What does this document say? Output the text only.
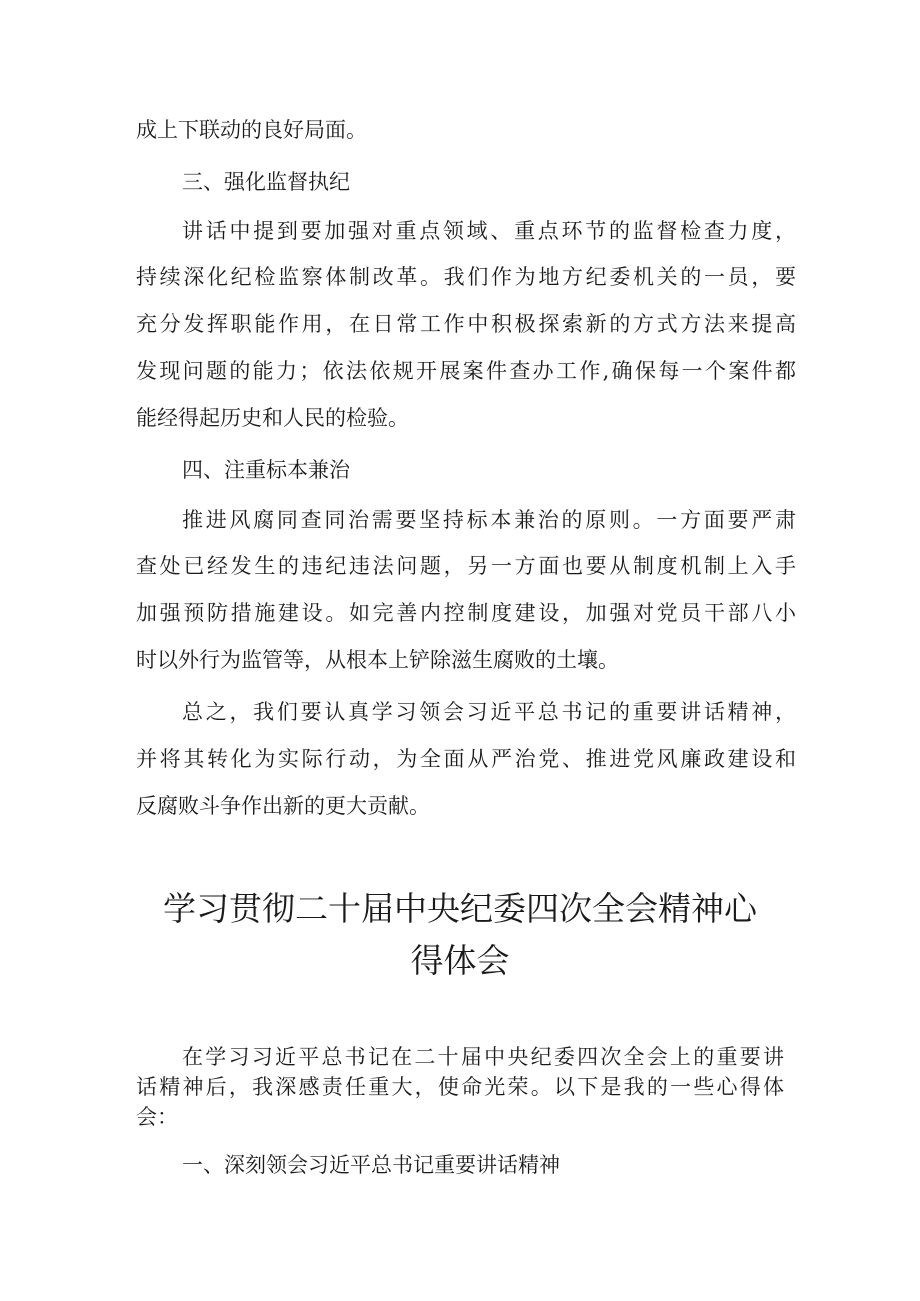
成上下联动的良好局面。
三、强化监督执纪
讲话中提到要加强对重点领域、重点环节的监督检查力度，
持续深化纪检监察体制改革。我们作为地方纪委机关的一员，要
充分发挥职能作用，在日常工作中积极探索新的方式方法来提高
发现问题的能力；依法依规开展案件查办工作,确保每一个案件都
能经得起历史和人民的检验。
四、注重标本兼治
推进风腐同查同治需要坚持标本兼治的原则。一方面要严肃
查处已经发生的违纪违法问题，另一方面也要从制度机制上入手
加强预防措施建设。如完善内控制度建设，加强对党员干部八小
时以外行为监管等，从根本上铲除滋生腐败的土壤。
总之，我们要认真学习领会习近平总书记的重要讲话精神，
并将其转化为实际行动，为全面从严治党、推进党风廉政建设和
反腐败斗争作出新的更大贡献。
学习贯彻二十届中央纪委四次全会精神心
得体会
在学习习近平总书记在二十届中央纪委四次全会上的重要讲
话精神后，我深感责任重大，使命光荣。以下是我的一些心得体
会：
一、深刻领会习近平总书记重要讲话精神
